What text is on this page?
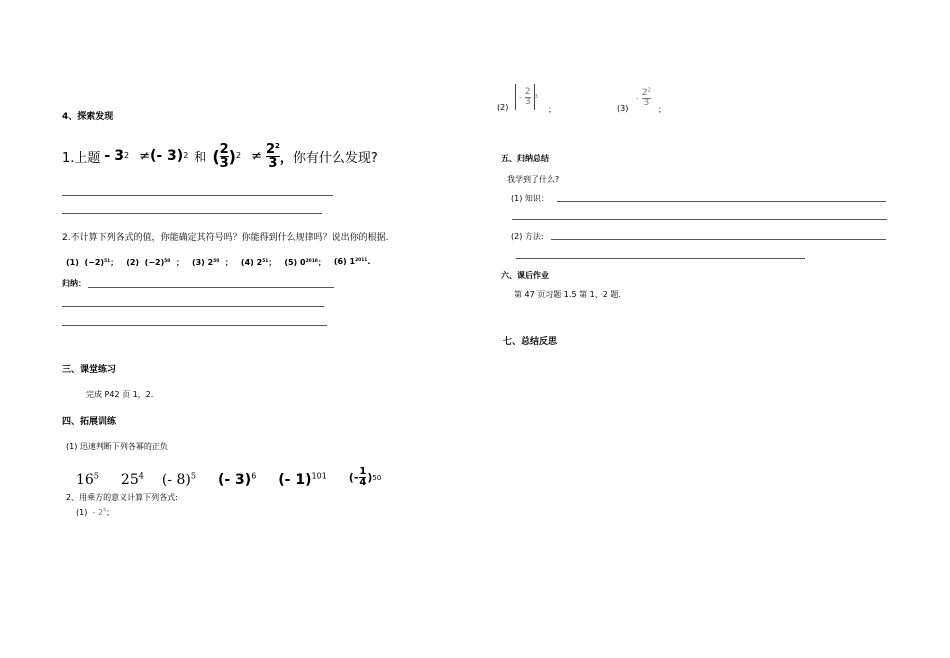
4、探索发现
1.上题 - 3 2 ≠ (- 3) 2 和 ( $\frac{2}{3}$ ) $2 \ne \frac{2^2}{3}$ ， 你有什么发现?
2.不计算下列各式的值，你能确定其符号吗？你能得到什么规律吗？说出你的根据.
(1) $(-2)^{51}$； (2) $(-2)^{50}$ ； (3) $2^{50}$ ； (4) $2^{51}$； (5) $0^{2010}$； (6) $1^{2011}$.
归纳：
三、课堂练习
完成 P42 页 1，2.
四、拓展训练
(1) 迅速判断下列各幂的正负
$16^5$ $25^4$ (- 8)$^5$ (- 3)$^6$ (- 1)$^{101}$ (- $\frac{1}{4}$ ) 50
2、用乘方的意义计算下列各式:
$(1) - 2^4$；
(2)
- $\frac{2}{3} 3$
；	(3)
- $\frac{2^2}{3}$
；
五、归纳总结
我学到了什么?
(1) 知识：
(2) 方法:
六、课后作业
第 47 页习题 1.5 第 1、2 题.
七、总结反思
